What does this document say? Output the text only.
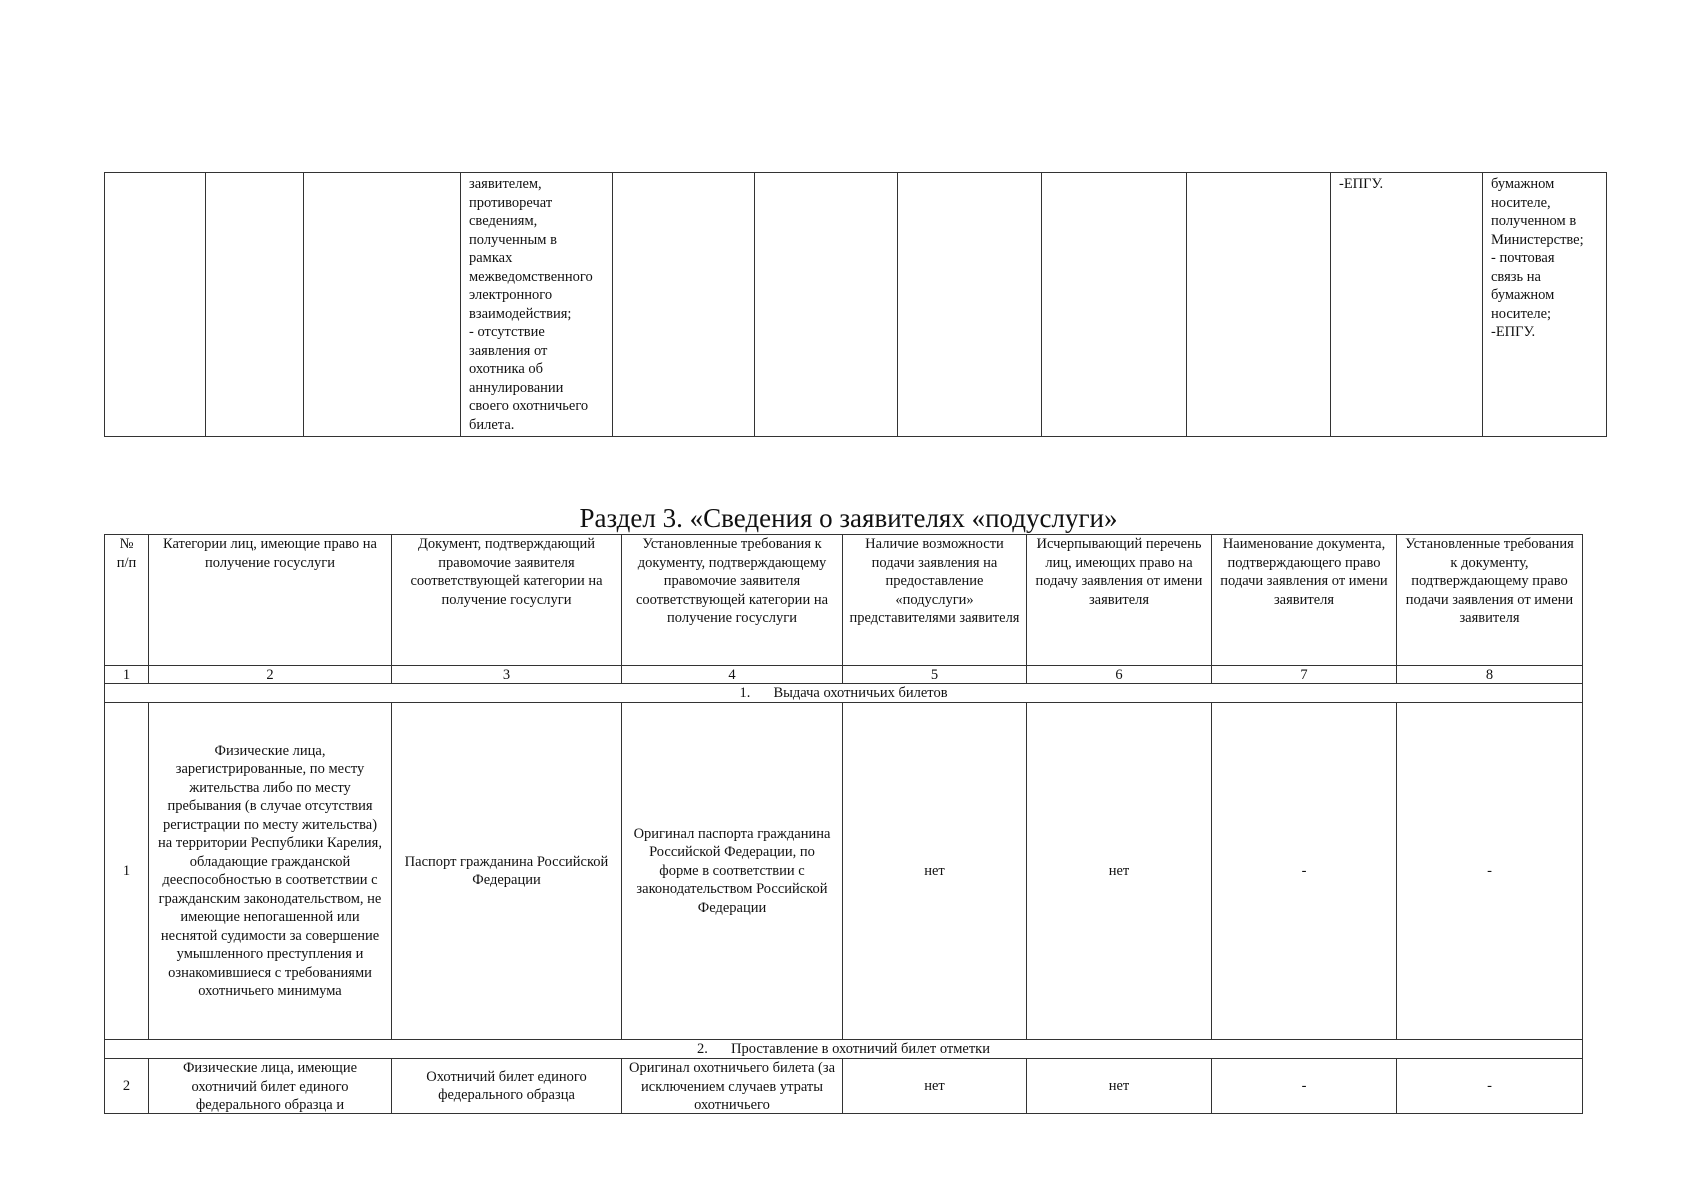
			заявителем,
противоречат
сведениям,
полученным в
рамках
межведомственного
электронного
взаимодействия;
- отсутствие
заявления от
охотника об
аннулировании
своего охотничьего
билета.						-ЕПГУ.	бумажном
носителе,
полученном в
Министерстве;
- почтовая
связь на
бумажном
носителе;
-ЕПГУ.
Раздел 3. «Сведения о заявителях «подуслуги»
№
п/п	Категории лиц, имеющие право на получение госуслуги	Документ, подтверждающий правомочие заявителя соответствующей категории на получение госуслуги	Установленные требования к документу, подтверждающему правомочие заявителя соответствующей категории на получение госуслуги	Наличие возможности подачи заявления на предоставление «подуслуги» представителями заявителя	Исчерпывающий перечень лиц, имеющих право на подачу заявления от имени заявителя	Наименование документа, подтверждающего право подачи заявления от имени заявителя	Установленные требования к документу, подтверждающему право подачи заявления от имени заявителя
1	2	3	4	5	6	7	8
1. Выдача охотничьих билетов							
1	Физические лица, зарегистрированные, по месту жительства либо по месту пребывания (в случае отсутствия регистрации по месту жительства) на территории Республики Карелия, обладающие гражданской дееспособностью в соответствии с гражданским законодательством, не имеющие непогашенной или неснятой судимости за совершение умышленного преступления и ознакомившиеся с требованиями охотничьего минимума	Паспорт гражданина Российской Федерации	Оригинал паспорта гражданина Российской Федерации, по форме в соответствии с законодательством Российской Федерации	нет	нет	-	-
2. Проставление в охотничий билет отметки							
2	Физические лица, имеющие охотничий билет единого федерального образца и	Охотничий билет единого федерального образца	Оригинал охотничьего билета (за исключением случаев утраты охотничьего	нет	нет	-	-
